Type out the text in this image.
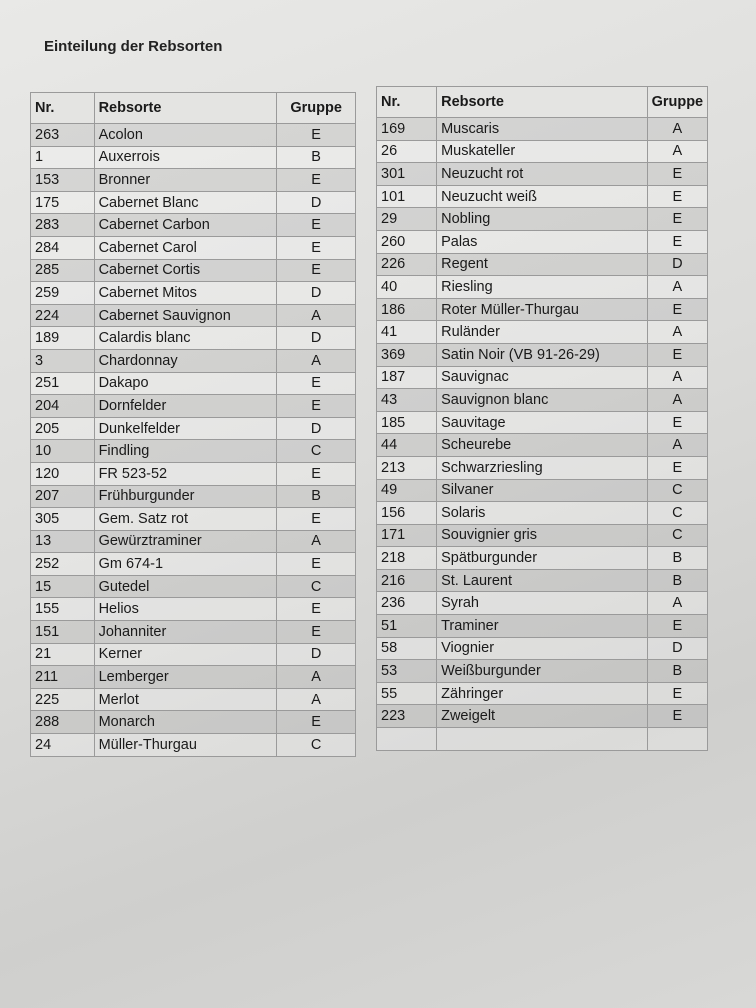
Einteilung der Rebsorten
Nr.	Rebsorte	Gruppe
263	Acolon	E
1	Auxerrois	B
153	Bronner	E
175	Cabernet Blanc	D
283	Cabernet Carbon	E
284	Cabernet Carol	E
285	Cabernet Cortis	E
259	Cabernet Mitos	D
224	Cabernet Sauvignon	A
189	Calardis blanc	D
3	Chardonnay	A
251	Dakapo	E
204	Dornfelder	E
205	Dunkelfelder	D
10	Findling	C
120	FR 523-52	E
207	Frühburgunder	B
305	Gem. Satz rot	E
13	Gewürztraminer	A
252	Gm 674-1	E
15	Gutedel	C
155	Helios	E
151	Johanniter	E
21	Kerner	D
211	Lemberger	A
225	Merlot	A
288	Monarch	E
24	Müller-Thurgau	C
Nr.	Rebsorte	Gruppe
169	Muscaris	A
26	Muskateller	A
301	Neuzucht rot	E
101	Neuzucht weiß	E
29	Nobling	E
260	Palas	E
226	Regent	D
40	Riesling	A
186	Roter Müller-Thurgau	E
41	Ruländer	A
369	Satin Noir (VB 91-26-29)	E
187	Sauvignac	A
43	Sauvignon blanc	A
185	Sauvitage	E
44	Scheurebe	A
213	Schwarzriesling	E
49	Silvaner	C
156	Solaris	C
171	Souvignier gris	C
218	Spätburgunder	B
216	St. Laurent	B
236	Syrah	A
51	Traminer	E
58	Viognier	D
53	Weißburgunder	B
55	Zähringer	E
223	Zweigelt	E
